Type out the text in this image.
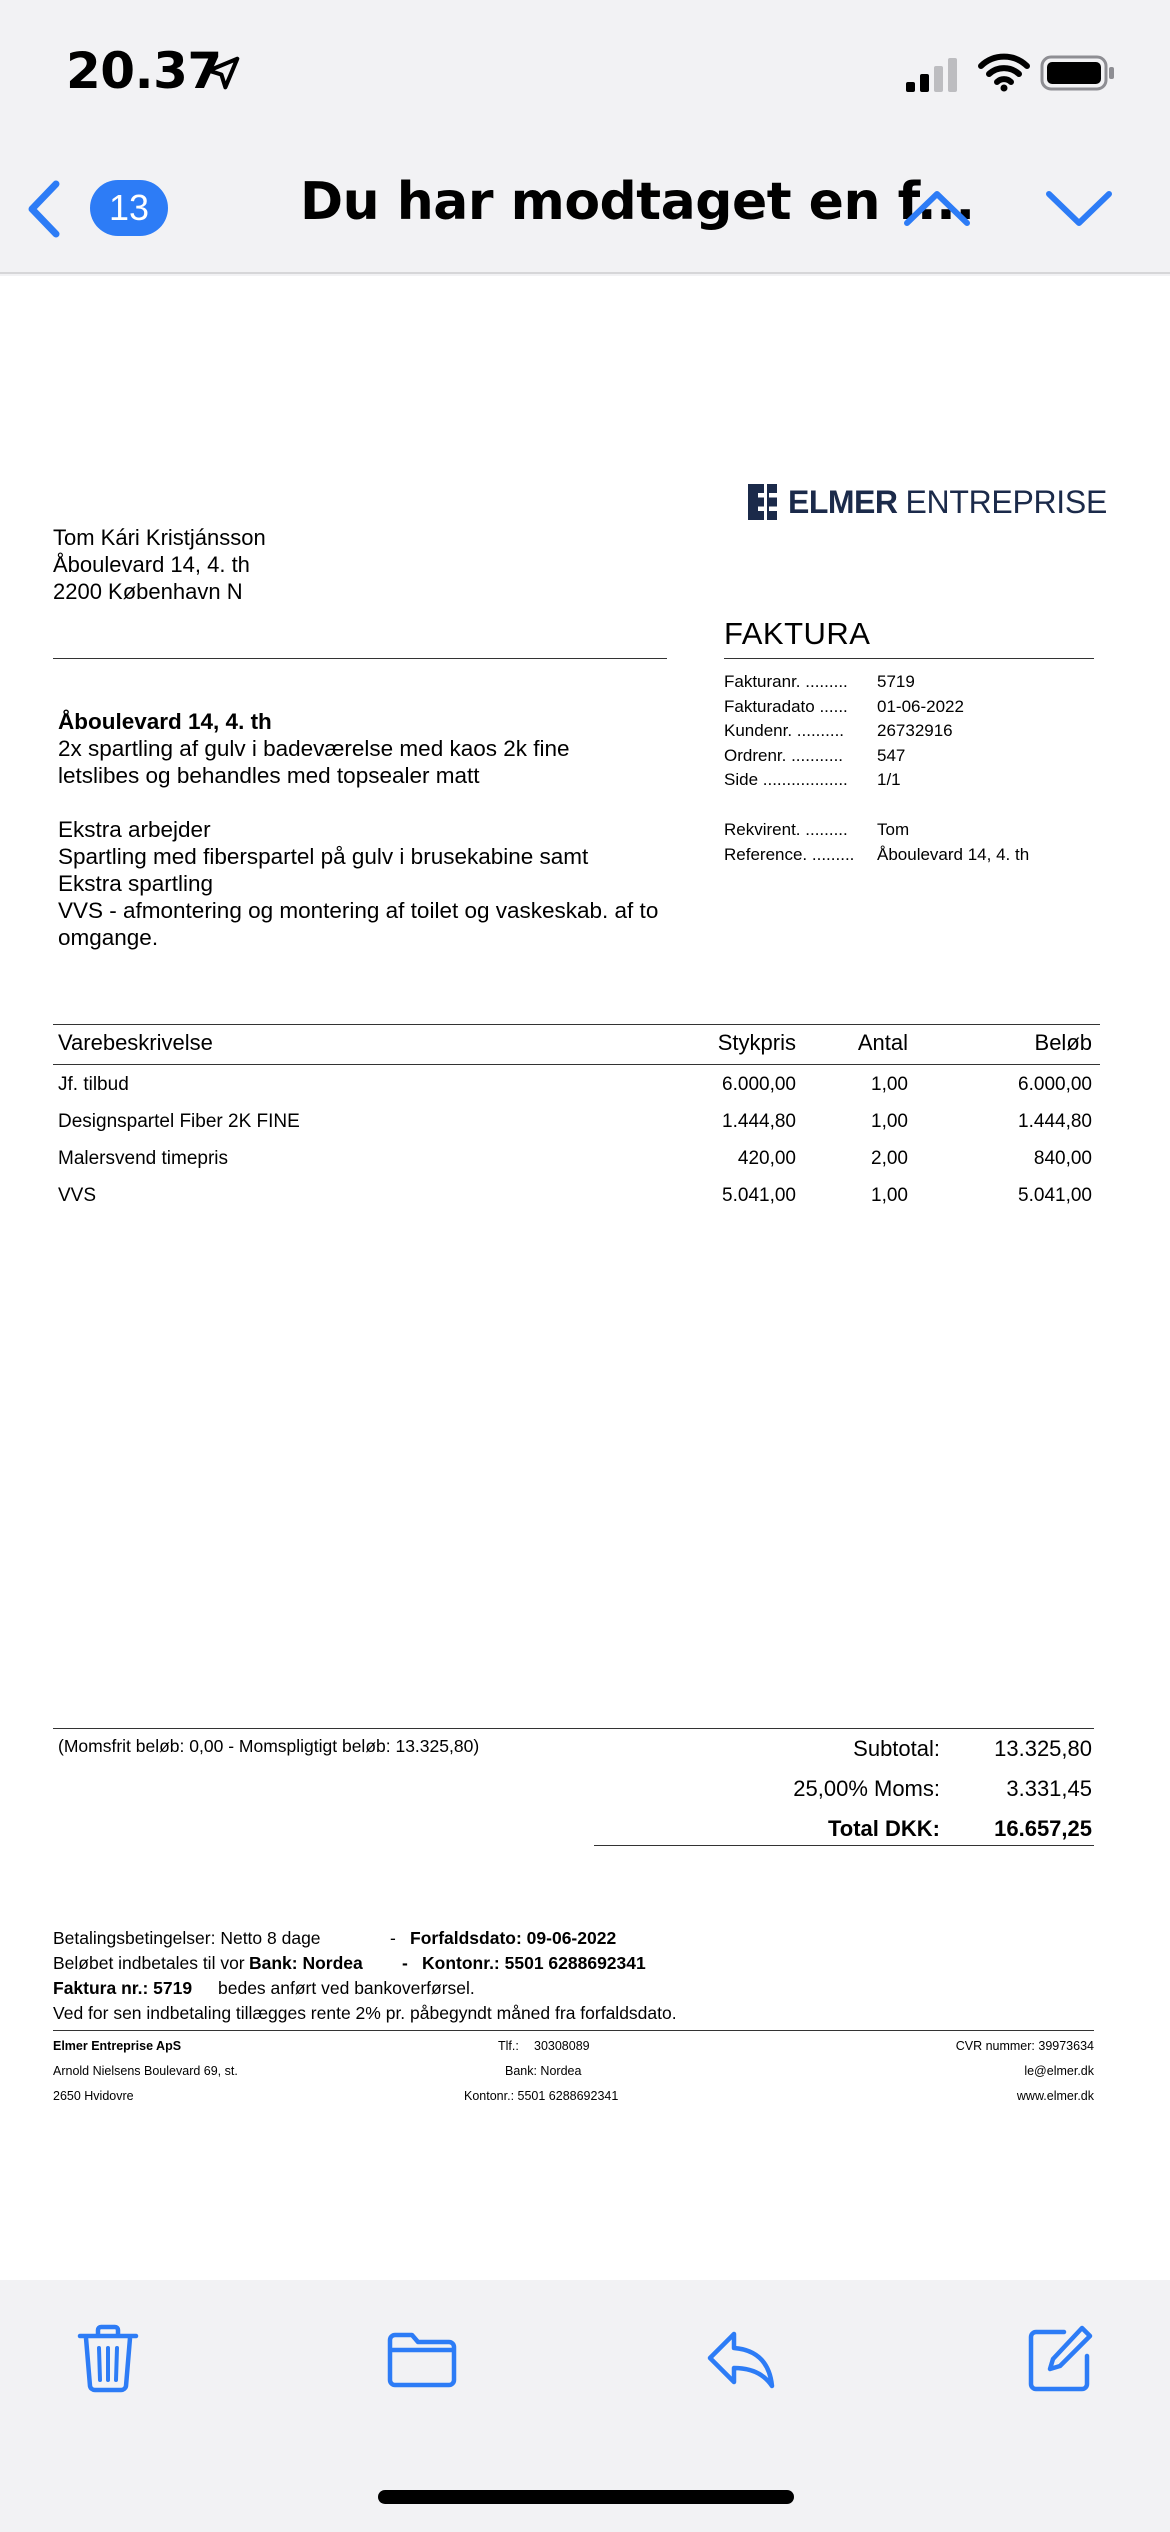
20.37
13	Du har modtaget en f...
ELMER ENTREPRISE
Tom Kári Kristjánsson
Åboulevard 14, 4. th
2200 København N
FAKTURA
Fakturanr. ......... 5719
Fakturadato ...... 01-06-2022
Kundenr. .......... 26732916
Ordrenr. ........... 547
Side .................. 1/1
Rekvirent. ......... Tom
Reference. ......... Åboulevard 14, 4. th
Åboulevard 14, 4. th
2x spartling af gulv i badeværelse med kaos 2k fine
letslibes og behandles med topsealer matt
Ekstra arbejder
Spartling med fiberspartel på gulv i brusekabine samt
Ekstra spartling
VVS - afmontering og montering af toilet og vaskeskab. af to
omgange.
Varebeskrivelse	Stykpris	Antal	Beløb
Jf. tilbud	6.000,00	1,00	6.000,00
Designspartel Fiber 2K FINE	1.444,80	1,00	1.444,80
Malersvend timepris	420,00	2,00	840,00
VVS	5.041,00	1,00	5.041,00
(Momsfrit beløb: 0,00 - Momspligtigt beløb: 13.325,80)	Subtotal:	13.325,80
25,00% Moms:	3.331,45
Total DKK:	16.657,25
Betalingsbetingelser: Netto 8 dage	- Forfaldsdato: 09-06-2022
Beløbet indbetales til vor Bank: Nordea - Kontonr.: 5501 6288692341
Faktura nr.: 5719 bedes anført ved bankoverførsel.
Ved for sen indbetaling tillægges rente 2% pr. påbegyndt måned fra forfaldsdato.
Elmer Entreprise ApS
Arnold Nielsens Boulevard 69, st.
2650 Hvidovre
Tlf.: 30308089
Bank: Nordea
Kontonr.: 5501 6288692341
CVR nummer: 39973634
le@elmer.dk
www.elmer.dk
